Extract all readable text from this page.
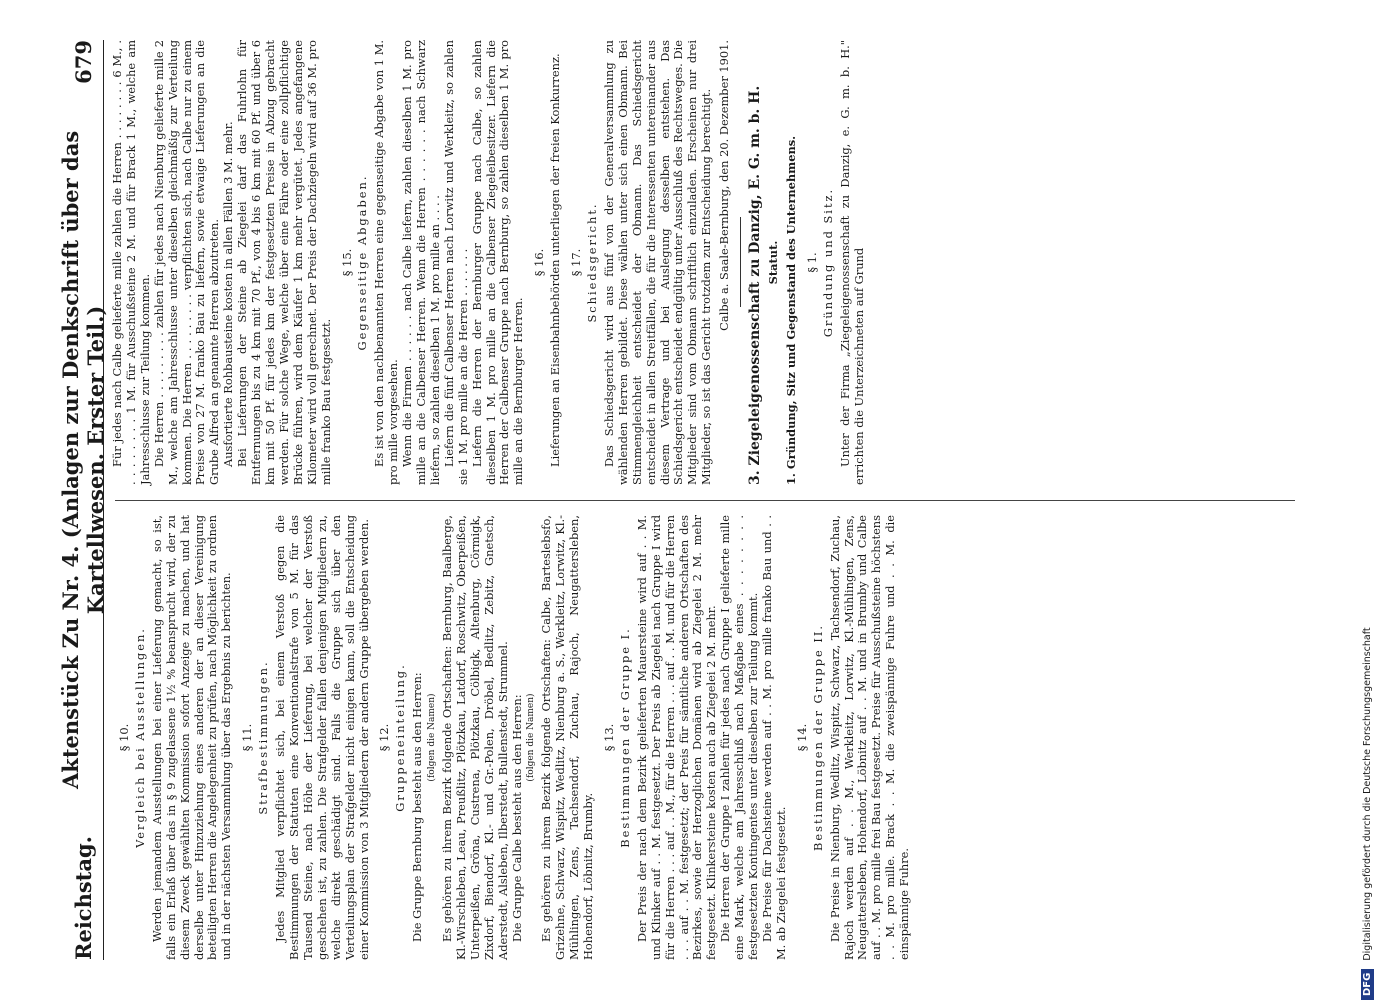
Reichstag.
Aktenstück Zu Nr. 4. (Anlagen zur Denkschrift über das Kartellwesen. Erster Teil.)
679
§ 10. Vergleich bei Ausstellungen. Werden jemandem Ausstellungen bei einer Lieferung gemacht, so ist, falls ein Erlaß über das in § 9 zugelassene 1½ % beansprucht wird, der zu diesem Zweck gewählten Kommission sofort Anzeige zu machen, und hat derselbe unter Hinzuziehung eines anderen der an dieser Vereinigung beteiligten Herren die Angelegenheit zu prüfen, nach Möglichkeit zu ordnen und in der nächsten Versammlung über das Ergebnis zu berichten. § 11. Strafbestimmungen. Jedes Mitglied verpflichtet sich, bei einem Verstoß gegen die Bestimmungen der Statuten eine Konventionalstrafe von 5 M. für das Tausend Steine, nach Höhe der Lieferung, bei welcher der Verstoß geschehen ist, zu zahlen. Die Strafgelder fallen denjenigen Mitgliedern zu, welche direkt geschädigt sind. Falls die Gruppe sich über den Verteilungsplan der Strafgelder nicht einigen kann, soll die Entscheidung einer Kommission von 3 Mitgliedern der andern Gruppe übergeben werden. § 12. Gruppeneinteilung. Die Gruppe Bernburg besteht aus den Herren: (folgen die Namen) Es gehören zu ihrem Bezirk folgende Ortschaften: Bernburg, Baalberge, Kl.-Wirschleben, Leau, Preußlitz, Plötzkau, Latdorf, Roschwitz, Oberpeißen, Unterpeißen, Gröna, Custrena, Plötzkau, Cölbigk, Altenburg, Cörmigk, Zixdorf, Biendorf, Kl.- und Gr.-Polen, Dröbel, Bedlitz, Zebitz, Gnetsch, Aderstedt, Alsleben, Ilberstedt, Bullenstedt, Strummel. Die Gruppe Calbe besteht aus den Herren: (folgen die Namen) Es gehören zu ihrem Bezirk folgende Ortschaften: Calbe, Barteslebsfo, Grizehne, Schwarz, Wispitz, Wedlitz, Nienburg a. S., Werkleitz, Lorwitz, Kl.-Mühlingen, Zens, Tachsendorf, Zuchau, Rajoch, Neugattersleben, Hohendorf, Löbnitz, Brumby.

§ 13. Bestimmungen der Gruppe I. Der Preis der nach dem Bezirk gelieferten Mauersteine wird auf . . M. und Klinker auf . . M. festgesetzt. Der Preis ab Ziegelei nach Gruppe I wird für die Herren . . . auf . . M., für die Herren . . . auf . . M. und für die Herren . . . auf . . M. festgesetzt; der Preis für sämtliche anderen Ortschaften des Bezirkes, sowie der Herzoglichen Domänen wird ab Ziegelei 2 M. mehr festgesetzt. Klinkersteine kosten auch ab Ziegelei 2 M. mehr. Die Herren der Gruppe I zahlen für jedes nach Gruppe I gelieferte mille eine Mark, welche am Jahresschluß nach Maßgabe eines . . . . . . . . festgesetzten Kontingentes unter dieselben zur Teilung kommt. Die Preise für Dachsteine werden auf . . M. pro mille franko Bau und . . M. ab Ziegelei festgesetzt.

§ 14. Bestimmungen der Gruppe II. Die Preise in Nienburg, Wedlitz, Wispitz, Schwarz, Tachsendorf, Zuchau, Rajoch werden auf . . M., Werkleitz, Lorwitz, Kl.-Mühlingen, Zens, Neugattersleben, Hohendorf, Löbnitz auf . . M. und in Brumby und Calbe auf . . M. pro mille frei Bau festgesetzt. Preise für Ausschußsteine höchstens . . M. pro mille. Brack . . M. die zweispännige Fuhre und . . M. die einspännige Fuhre.

Für jedes nach Calbe gelieferte mille zahlen die Herren . . . . . . . . 6 M., . . . . . . . . . 1 M. für Ausschußsteine 2 M. und für Brack 1 M., welche am Jahresschlusse zur Teilung kommen. Die Herren . . . . . . . . . zahlen für jedes nach Nienburg gelieferte mille 2 M., welche am Jahresschlusse unter dieselben gleichmäßig zur Verteilung kommen. Die Herren . . . . . . . . . verpflichten sich, nach Calbe nur zu einem Preise von 27 M. franko Bau zu liefern, sowie etwaige Lieferungen an die Grube Alfred an genannte Herren abzutreten. Ausfortierte Rohbausteine kosten in allen Fällen 3 M. mehr. Bei Lieferungen der Steine ab Ziegelei darf das Fuhrlohn für Entfernungen bis zu 4 km mit 70 Pf., von 4 bis 6 km mit 60 Pf. und über 6 km mit 50 Pf. für jedes km der festgesetzten Preise in Abzug gebracht werden. Für solche Wege, welche über eine Fähre oder eine zollpflichtige Brücke führen, wird dem Käufer 1 km mehr vergütet. Jedes angefangene Kilometer wird voll gerechnet. Der Preis der Dachziegeln wird auf 36 M. pro mille franko Bau festgesetzt.

§ 15. Gegenseitige Abgaben. Es ist von den nachbenannten Herren eine gegenseitige Abgabe von 1 M. pro mille vorgesehen. Wenn die Firmen . . . . . . nach Calbe liefern, zahlen dieselben 1 M. pro mille an die Calbenser Herren. Wenn die Herren . . . . . . nach Schwarz liefern, so zahlen dieselben 1 M. pro mille an . . . . Liefern die fünf Calbenser Herren nach Lorwitz und Werkleitz, so zahlen sie 1 M. pro mille an die Herren . . . . . . . Liefern die Herren der Bernburger Gruppe nach Calbe, so zahlen dieselben 1 M. pro mille an die Calbenser Ziegeleibesitzer. Liefern die Herren der Calbenser Gruppe nach Bernburg, so zahlen dieselben 1 M. pro mille an die Bernburger Herren.

§ 16. Lieferungen an Eisenbahnbehörden unterliegen der freien Konkurrenz. § 17. Schiedsgericht. Das Schiedsgericht wird aus fünf von der Generalversammlung zu wählenden Herren gebildet. Diese wählen unter sich einen Obmann. Bei Stimmengleichheit entscheidet der Obmann. Das Schiedsgericht entscheidet in allen Streitfällen, die für die Interessenten untereinander aus diesem Vertrage und bei Auslegung desselben entstehen. Das Schiedsgericht entscheidet endgültig unter Ausschluß des Rechtsweges. Die Mitglieder sind vom Obmann schriftlich einzuladen. Erscheinen nur drei Mitglieder, so ist das Gericht trotzdem zur Entscheidung berechtigt. Calbe a. Saale-Bernburg, den 20. Dezember 1901. 3. Ziegeleigenossenschaft zu Danzig, E. G. m. b. H. Statut. 1. Gründung, Sitz und Gegenstand des Unternehmens. § 1. Gründung und Sitz. Unter der Firma „Ziegeleigenossenschaft zu Danzig, e. G. m. b. H." errichten die Unterzeichneten auf Grund

DFG
Digitalisierung gefördert durch die Deutsche Forschungsgemeinschaft
